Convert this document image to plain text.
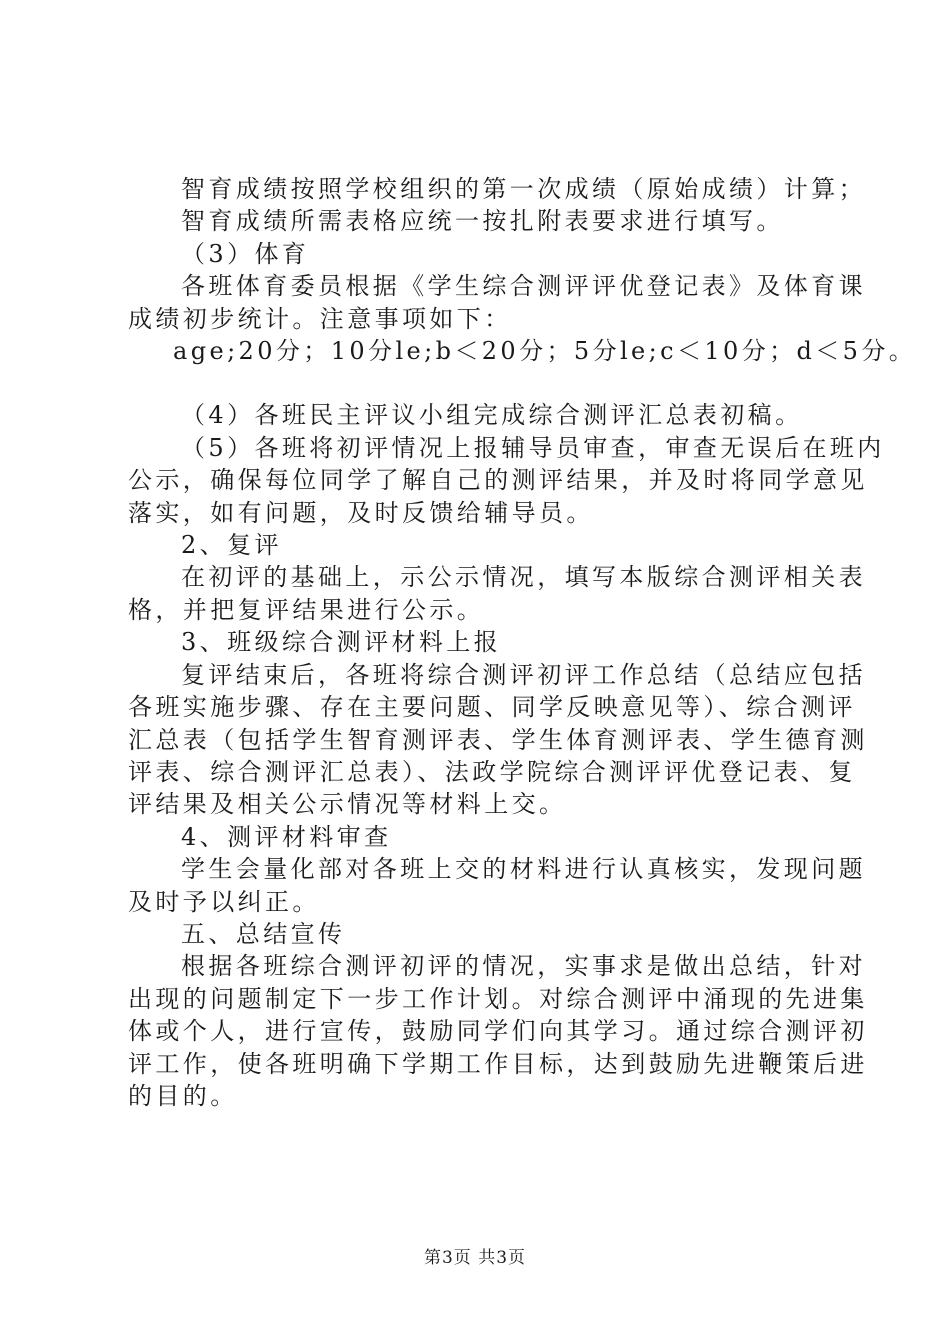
智育成绩按照学校组织的第一次成绩（原始成绩）计算；

智育成绩所需表格应统一按扎附表要求进行填写。

（3）体育

各班体育委员根据《学生综合测评评优登记表》及体育课

成绩初步统计。注意事项如下：

age;20分；10分le;b＜20分；5分le;c＜10分；d＜5分。

（4）各班民主评议小组完成综合测评汇总表初稿。

（5）各班将初评情况上报辅导员审查，审查无误后在班内

公示，确保每位同学了解自己的测评结果，并及时将同学意见

落实，如有问题，及时反馈给辅导员。

2、复评

在初评的基础上，示公示情况，填写本版综合测评相关表

格，并把复评结果进行公示。

3、班级综合测评材料上报

复评结束后，各班将综合测评初评工作总结（总结应包括

各班实施步骤、存在主要问题、同学反映意见等）、综合测评

汇总表（包括学生智育测评表、学生体育测评表、学生德育测

评表、综合测评汇总表）、法政学院综合测评评优登记表、复

评结果及相关公示情况等材料上交。

4、测评材料审查

学生会量化部对各班上交的材料进行认真核实，发现问题

及时予以纠正。

五、总结宣传

根据各班综合测评初评的情况，实事求是做出总结，针对

出现的问题制定下一步工作计划。对综合测评中涌现的先进集

体或个人，进行宣传，鼓励同学们向其学习。通过综合测评初

评工作，使各班明确下学期工作目标，达到鼓励先进鞭策后进

的目的。

第3页 共3页
